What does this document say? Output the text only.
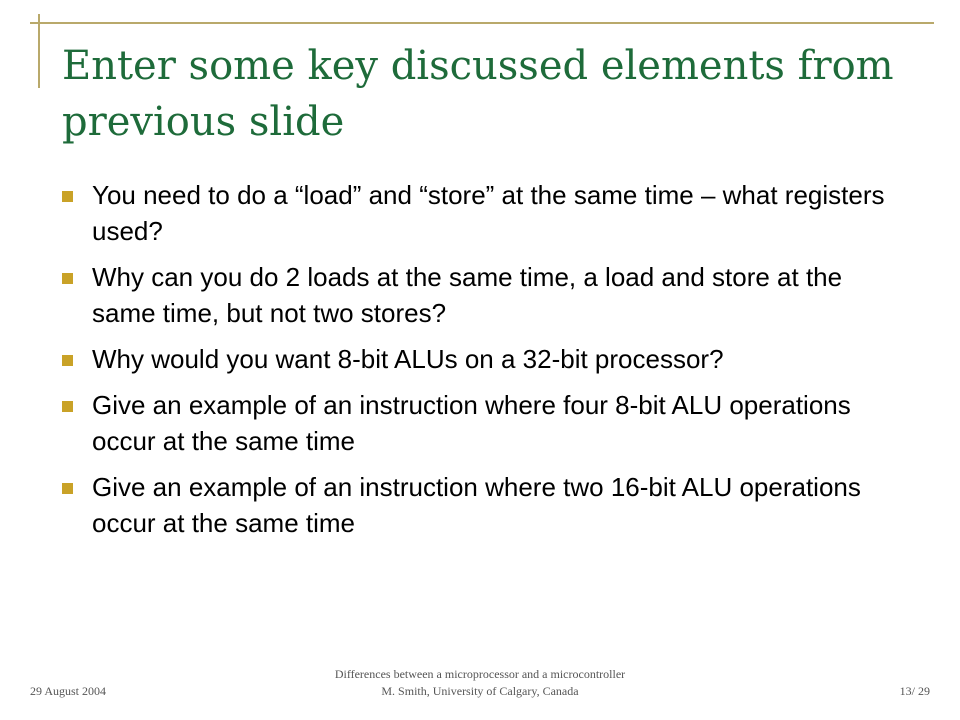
Enter some key discussed elements from previous slide
You need to do a “load” and “store” at the same time – what registers used?
Why can you do 2 loads at the same time, a load and store at the same time, but not two stores?
Why would you want 8-bit ALUs on a 32-bit processor?
Give an example of an instruction where four 8-bit ALU operations occur at the same time
Give an example of an instruction where two 16-bit ALU operations occur at the same time
29 August 2004
Differences between a microprocessor and a microcontroller
M. Smith, University of Calgary, Canada	13/ 29
